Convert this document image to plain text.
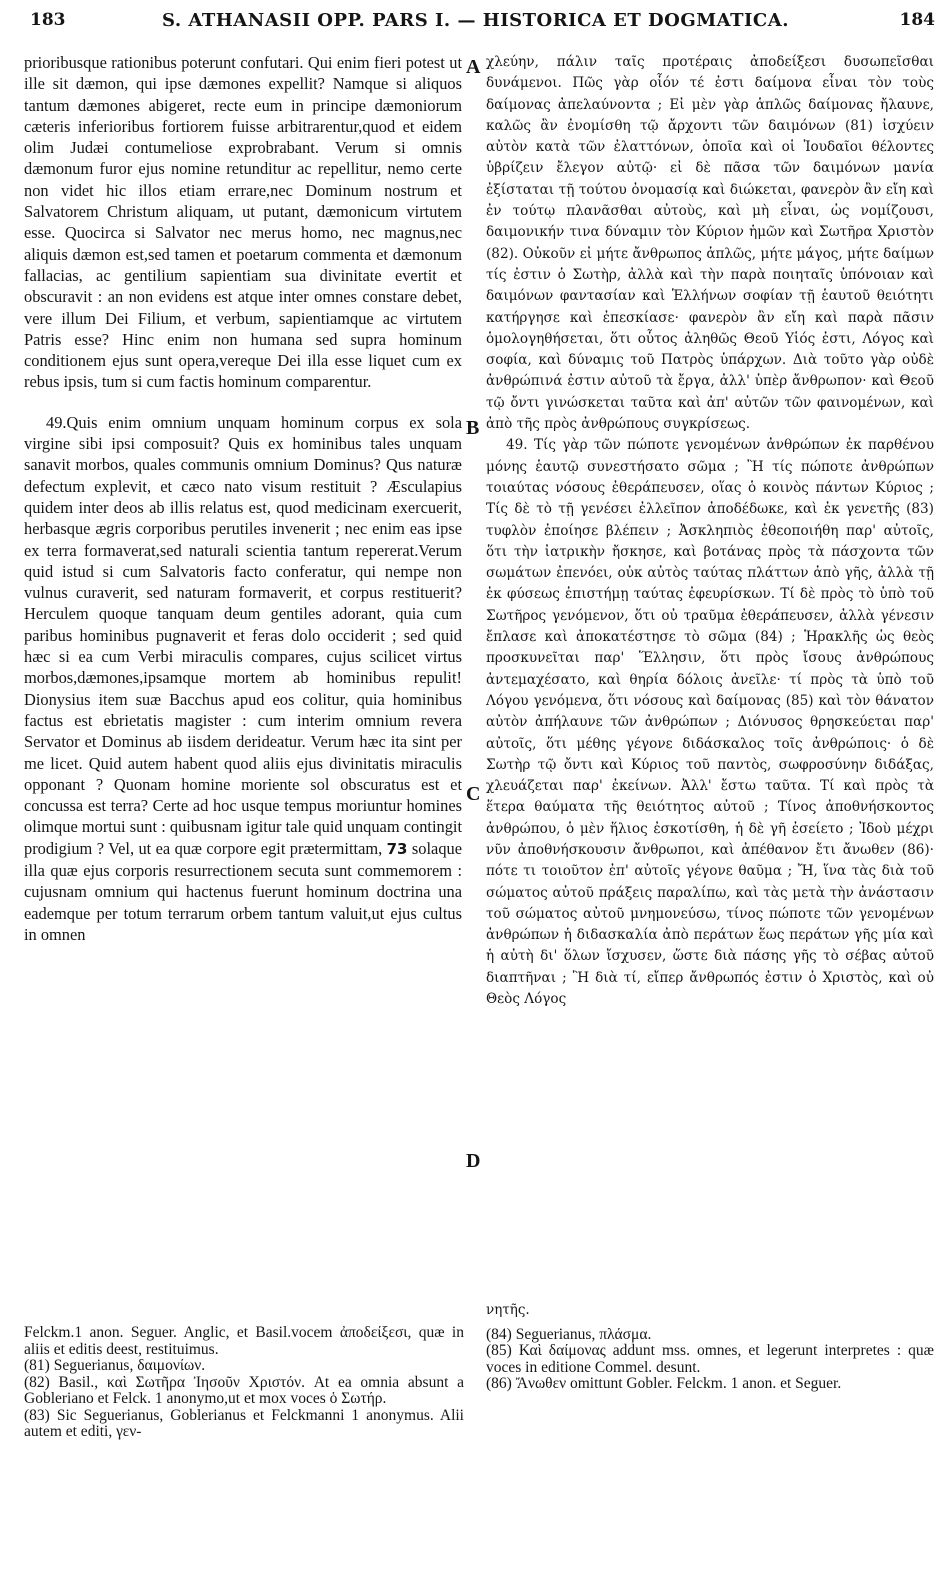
183	S. ATHANASII OPP. PARS I. — HISTORICA ET DOGMATICA.	184
A
B
C
D

prioribusque rationibus poterunt confutari. Qui enim fieri potest ut ille sit dæmon, qui ipse dæmones expellit? Namque si aliquos tantum dæmones abigeret, recte eum in principe dæmoniorum cæteris inferioribus fortiorem fuisse arbitrarentur,quod et eidem olim Judæi contumeliose exprobrabant. Verum si omnis dæmonum furor ejus nomine retunditur ac repellitur, nemo certe non videt hic illos etiam errare,nec Dominum nostrum et Salvatorem Christum aliquam, ut putant, dæmonicum virtutem esse. Quocirca si Salvator nec merus homo, nec magnus,nec aliquis dæmon est,sed tamen et poetarum commenta et dæmonum fallacias, ac gentilium sapientiam sua divinitate evertit et obscuravit : an non evidens est atque inter omnes constare debet, vere illum Dei Filium, et verbum, sapientiamque ac virtutem Patris esse? Hinc enim non humana sed supra hominum conditionem ejus sunt opera,vereque Dei illa esse liquet cum ex rebus ipsis, tum si cum factis hominum comparentur.

49.Quis enim omnium unquam hominum corpus ex sola virgine sibi ipsi composuit? Quis ex hominibus tales unquam sanavit morbos, quales communis omnium Dominus? Qus naturæ defectum explevit, et cæco nato visum restituit ? Æsculapius quidem inter deos ab illis relatus est, quod medicinam exercuerit, herbasque ægris corporibus perutiles invenerit ; nec enim eas ipse ex terra formaverat,sed naturali scientia tantum repererat.Verum quid istud si cum Salvatoris facto conferatur, qui nempe non vulnus curaverit, sed naturam formaverit, et corpus restituerit? Herculem quoque tanquam deum gentiles adorant, quia cum paribus hominibus pugnaverit et feras dolo occiderit ; sed quid hæc si ea cum Verbi miraculis compares, cujus scilicet virtus morbos,dæmones,ipsamque mortem ab hominibus repulit! Dionysius item suæ Bacchus apud eos colitur, quia hominibus factus est ebrietatis magister : cum interim omnium revera Servator et Dominus ab iisdem derideatur. Verum hæc ita sint per me licet. Quid autem habent quod aliis ejus divinitatis miraculis opponant ? Quonam homine moriente sol obscuratus est et concussa est terra? Certe ad hoc usque tempus moriuntur homines olimque mortui sunt : quibusnam igitur tale quid unquam contingit prodigium ? Vel, ut ea quæ corpore egit prætermittam, 73 solaque illa quæ ejus corporis resurrectionem secuta sunt commemorem : cujusnam omnium qui hactenus fuerunt hominum doctrina una eademque per totum terrarum orbem tantum valuit,ut ejus cultus in omnen

χλεύην, πάλιν ταῖς προτέραις ἀποδείξεσι δυσωπεῖσθαι δυνάμενοι. Πῶς γὰρ οἷόν τέ ἐστι δαίμονα εἶναι τὸν τοὺς δαίμονας ἀπελαύνοντα ; Εἰ μὲν γὰρ ἁπλῶς δαίμονας ἤλαυνε, καλῶς ἂν ἐνομίσθη τῷ ἄρχοντι τῶν δαιμόνων (81) ἰσχύειν αὐτὸν κατὰ τῶν ἐλαττόνων, ὁποῖα καὶ οἱ Ἰουδαῖοι θέλοντες ὑβρίζειν ἔλεγον αὐτῷ· εἰ δὲ πᾶσα τῶν δαιμόνων μανία ἐξίσταται τῇ τούτου ὀνομασίᾳ καὶ διώκεται, φανερὸν ἂν εἴη καὶ ἐν τούτῳ πλανᾶσθαι αὐτοὺς, καὶ μὴ εἶναι, ὡς νομίζουσι, δαιμονικήν τινα δύναμιν τὸν Κύριον ἡμῶν καὶ Σωτῆρα Χριστὸν (82). Οὐκοῦν εἰ μήτε ἄνθρωπος ἁπλῶς, μήτε μάγος, μήτε δαίμων τίς ἐστιν ὁ Σωτὴρ, ἀλλὰ καὶ τὴν παρὰ ποιηταῖς ὑπόνοιαν καὶ δαιμόνων φαντασίαν καὶ Ἑλλήνων σοφίαν τῇ ἑαυτοῦ θειότητι κατήργησε καὶ ἐπεσκίασε· φανερὸν ἂν εἴη καὶ παρὰ πᾶσιν ὁμολογηθήσεται, ὅτι οὗτος ἀληθῶς Θεοῦ Υἱός ἐστι, Λόγος καὶ σοφία, καὶ δύναμις τοῦ Πατρὸς ὑπάρχων. Διὰ τοῦτο γὰρ οὐδὲ ἀνθρώπινά ἐστιν αὐτοῦ τὰ ἔργα, ἀλλ' ὑπὲρ ἄνθρωπον· καὶ Θεοῦ τῷ ὄντι γινώσκεται ταῦτα καὶ ἀπ' αὐτῶν τῶν φαινομένων, καὶ ἀπὸ τῆς πρὸς ἀνθρώπους συγκρίσεως.

49. Τίς γὰρ τῶν πώποτε γενομένων ἀνθρώπων ἐκ παρθένου μόνης ἑαυτῷ συνεστήσατο σῶμα ; Ἢ τίς πώποτε ἀνθρώπων τοιαύτας νόσους ἐθεράπευσεν, οἵας ὁ κοινὸς πάντων Κύριος ; Τίς δὲ τὸ τῇ γενέσει ἐλλεῖπον ἀποδέδωκε, καὶ ἐκ γενετῆς (83) τυφλὸν ἐποίησε βλέπειν ; Ἀσκληπιὸς ἐθεοποιήθη παρ' αὐτοῖς, ὅτι τὴν ἰατρικὴν ἤσκησε, καὶ βοτάνας πρὸς τὰ πάσχοντα τῶν σωμάτων ἐπενόει, οὐκ αὐτὸς ταύτας πλάττων ἀπὸ γῆς, ἀλλὰ τῇ ἐκ φύσεως ἐπιστήμῃ ταύτας ἐφευρίσκων. Τί δὲ πρὸς τὸ ὑπὸ τοῦ Σωτῆρος γενόμενον, ὅτι οὐ τραῦμα ἐθεράπευσεν, ἀλλὰ γένεσιν ἔπλασε καὶ ἀποκατέστησε τὸ σῶμα (84) ; Ἡρακλῆς ὡς θεὸς προσκυνεῖται παρ' Ἕλλησιν, ὅτι πρὸς ἴσους ἀνθρώπους ἀντεμαχέσατο, καὶ θηρία δόλοις ἀνεῖλε· τί πρὸς τὰ ὑπὸ τοῦ Λόγου γενόμενα, ὅτι νόσους καὶ δαίμονας (85) καὶ τὸν θάνατον αὐτὸν ἀπήλαυνε τῶν ἀνθρώπων ; Διόνυσος θρησκεύεται παρ' αὐτοῖς, ὅτι μέθης γέγονε διδάσκαλος τοῖς ἀνθρώποις· ὁ δὲ Σωτὴρ τῷ ὄντι καὶ Κύριος τοῦ παντὸς, σωφροσύνην διδάξας, χλευάζεται παρ' ἐκείνων. Ἀλλ' ἔστω ταῦτα. Τί καὶ πρὸς τὰ ἕτερα θαύματα τῆς θειότητος αὐτοῦ ; Τίνος ἀποθνήσκοντος ἀνθρώπου, ὁ μὲν ἥλιος ἐσκοτίσθη, ἡ δὲ γῆ ἐσείετο ; Ἰδοὺ μέχρι νῦν ἀποθνήσκουσιν ἄνθρωποι, καὶ ἀπέθανον ἔτι ἄνωθεν (86)· πότε τι τοιοῦτον ἐπ' αὐτοῖς γέγονε θαῦμα ; Ἤ, ἵνα τὰς διὰ τοῦ σώματος αὐτοῦ πράξεις παραλίπω, καὶ τὰς μετὰ τὴν ἀνάστασιν τοῦ σώματος αὐτοῦ μνημονεύσω, τίνος πώποτε τῶν γενομένων ἀνθρώπων ἡ διδασκαλία ἀπὸ περάτων ἕως περάτων γῆς μία καὶ ἡ αὐτὴ δι' ὅλων ἴσχυσεν, ὥστε διὰ πάσης γῆς τὸ σέβας αὐτοῦ διαπτῆναι ; Ἢ διὰ τί, εἴπερ ἄνθρωπός ἐστιν ὁ Χριστὸς, καὶ οὐ Θεὸς Λόγος

Felckm.1 anon. Seguer. Anglic, et Basil.vocem ἀποδείξεσι, quæ in aliis et editis deest, restituimus.

(81) Seguerianus, δαιμονίων.

(82) Basil., καὶ Σωτῆρα Ἰησοῦν Χριστόν. At ea omnia absunt a Gobleriano et Felck. 1 anonymo,ut et mox voces ὁ Σωτήρ.

(83) Sic Seguerianus, Goblerianus et Felckmanni 1 anonymus. Alii autem et editi, γεν-

νητῆς.

(84) Seguerianus, πλάσμα.

(85) Καὶ δαίμονας addunt mss. omnes, et legerunt interpretes : quæ voces in editione Commel. desunt.

(86) Ἄνωθεν omittunt Gobler. Felckm. 1 anon. et Seguer.
